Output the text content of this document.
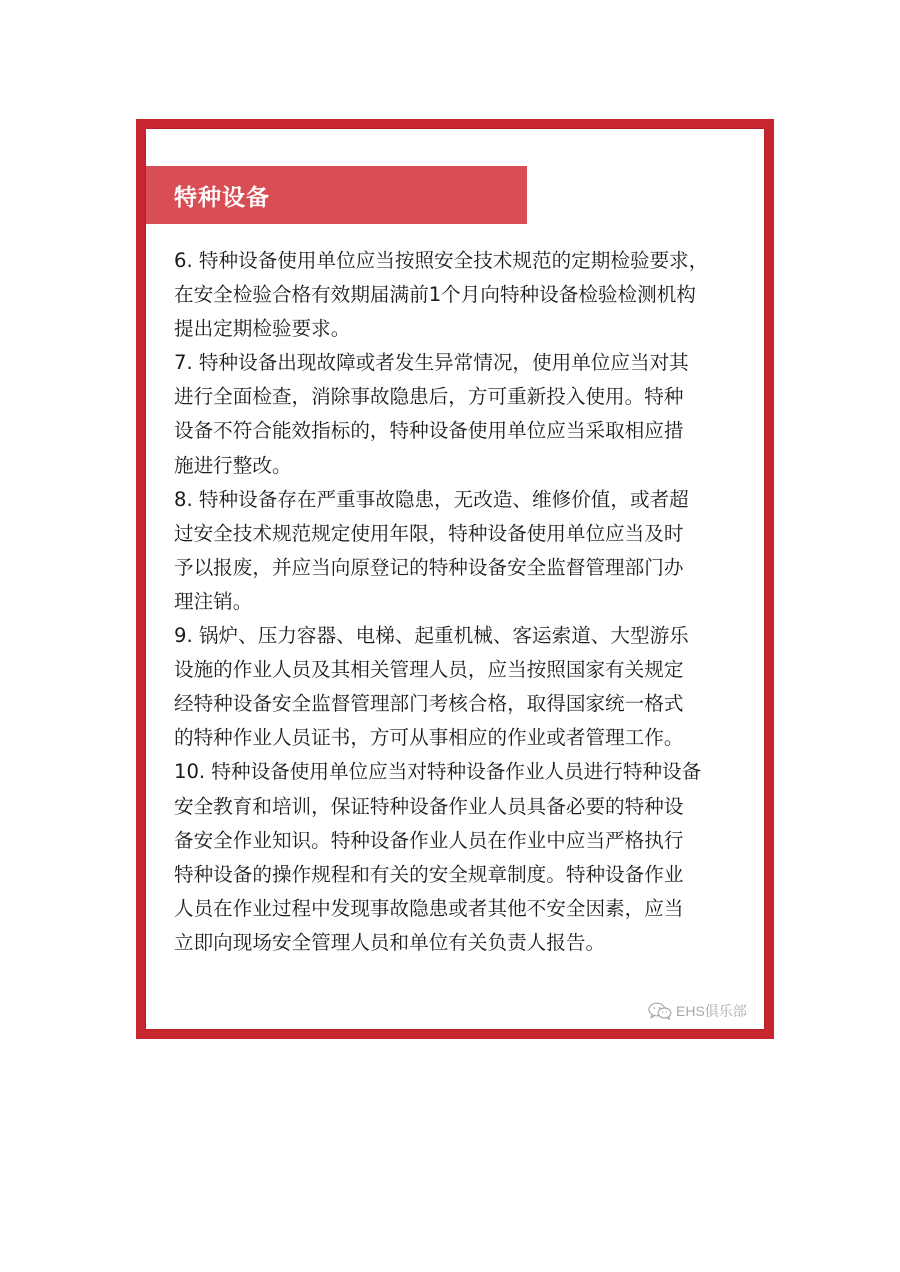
特种设备

6. 特种设备使用单位应当按照安全技术规范的定期检验要求，
在安全检验合格有效期届满前1个月向特种设备检验检测机构
提出定期检验要求。

7. 特种设备出现故障或者发生异常情况，使用单位应当对其
进行全面检查，消除事故隐患后，方可重新投入使用。特种
设备不符合能效指标的，特种设备使用单位应当采取相应措
施进行整改。

8. 特种设备存在严重事故隐患，无改造、维修价值，或者超
过安全技术规范规定使用年限，特种设备使用单位应当及时
予以报废，并应当向原登记的特种设备安全监督管理部门办
理注销。

9. 锅炉、压力容器、电梯、起重机械、客运索道、大型游乐
设施的作业人员及其相关管理人员，应当按照国家有关规定
经特种设备安全监督管理部门考核合格，取得国家统一格式
的特种作业人员证书，方可从事相应的作业或者管理工作。

10. 特种设备使用单位应当对特种设备作业人员进行特种设备
安全教育和培训，保证特种设备作业人员具备必要的特种设
备安全作业知识。特种设备作业人员在作业中应当严格执行
特种设备的操作规程和有关的安全规章制度。特种设备作业
人员在作业过程中发现事故隐患或者其他不安全因素，应当
立即向现场安全管理人员和单位有关负责人报告。

EHS俱乐部
